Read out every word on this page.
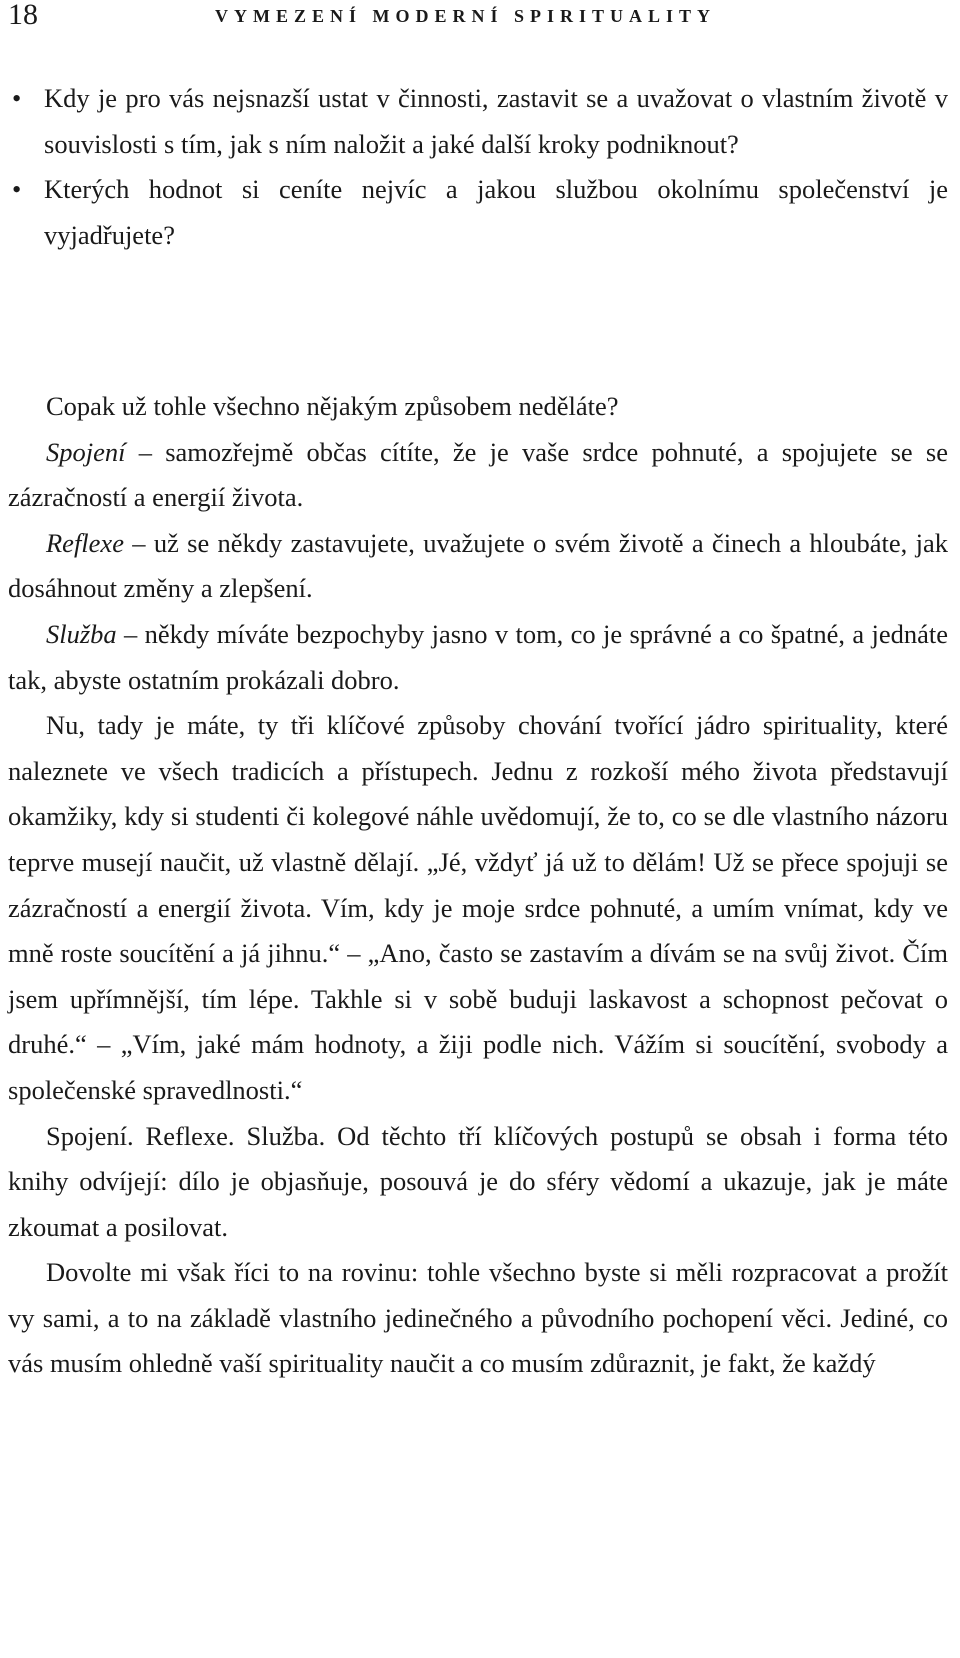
18	VYMEZENÍ MODERNÍ SPIRITUALITY
• Kdy je pro vás nejsnazší ustat v činnosti, zastavit se a uvažovat o vlastním životě v souvislosti s tím, jak s ním naložit a jaké další kroky podniknout?
• Kterých hodnot si ceníte nejvíc a jakou službou okolnímu společenství je vyjadřujete?

Copak už tohle všechno nějakým způsobem neděláte?

Spojení – samozřejmě občas cítíte, že je vaše srdce pohnuté, a spojujete se se zázračností a energií života.

Reflexe – už se někdy zastavujete, uvažujete o svém životě a činech a hloubáte, jak dosáhnout změny a zlepšení.

Služba – někdy míváte bezpochyby jasno v tom, co je správné a co špatné, a jednáte tak, abyste ostatním prokázali dobro.

Nu, tady je máte, ty tři klíčové způsoby chování tvořící jádro spirituality, které naleznete ve všech tradicích a přístupech. Jednu z rozkoší mého života představují okamžiky, kdy si studenti či kolegové náhle uvědomují, že to, co se dle vlastního názoru teprve musejí naučit, už vlastně dělají. „Jé, vždyť já už to dělám! Už se přece spojuji se zázračností a energií života. Vím, kdy je moje srdce pohnuté, a umím vnímat, kdy ve mně roste soucítění a já jihnu.“ – „Ano, často se zastavím a dívám se na svůj život. Čím jsem upřímnější, tím lépe. Takhle si v sobě buduji laskavost a schopnost pečovat o druhé.“ – „Vím, jaké mám hodnoty, a žiji podle nich. Vážím si soucítění, svobody a společenské spravedlnosti.“

Spojení. Reflexe. Služba. Od těchto tří klíčových postupů se obsah i forma této knihy odvíjejí: dílo je objasňuje, posouvá je do sféry vědomí a ukazuje, jak je máte zkoumat a posilovat.

Dovolte mi však říci to na rovinu: tohle všechno byste si měli rozpracovat a prožít vy sami, a to na základě vlastního jedinečného a původního pochopení věci. Jediné, co vás musím ohledně vaší spirituality naučit a co musím zdůraznit, je fakt, že každý
